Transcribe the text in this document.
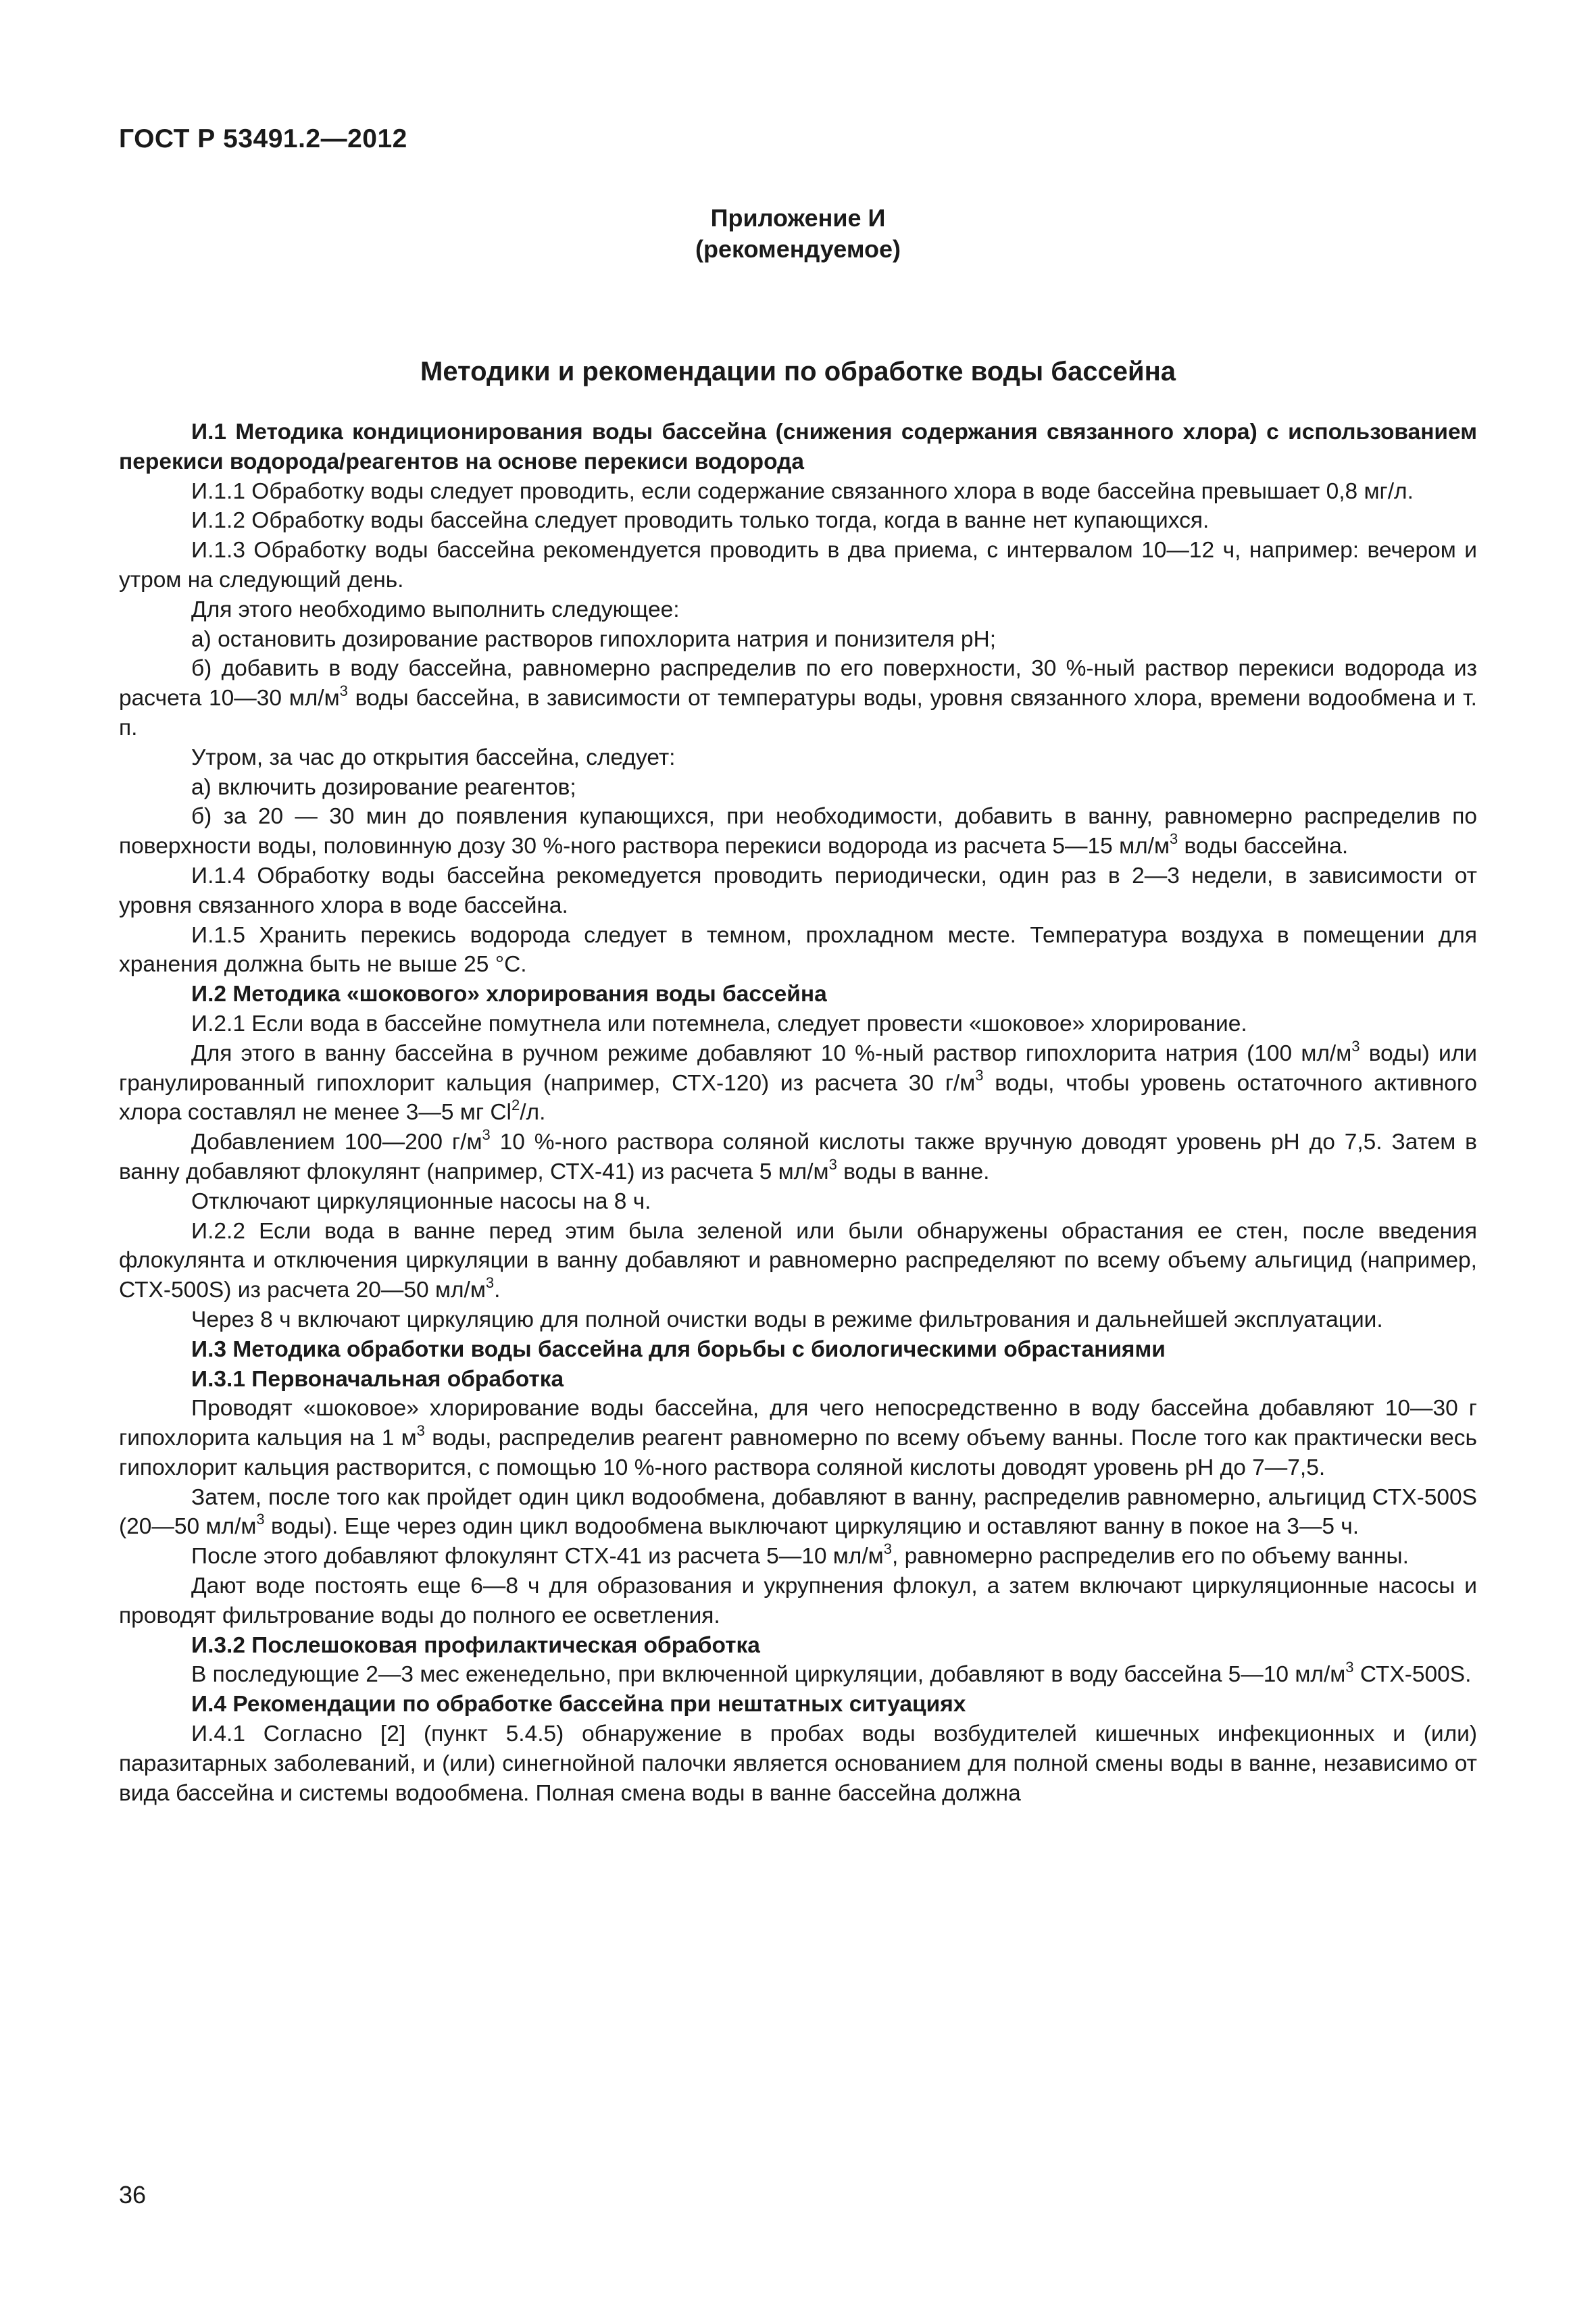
ГОСТ Р 53491.2—2012
Приложение И
(рекомендуемое)
Методики и рекомендации по обработке воды бассейна

И.1 Методика кондиционирования воды бассейна (снижения содержания связанного хлора) с использованием перекиси водорода/реагентов на основе перекиси водорода

И.1.1 Обработку воды следует проводить, если содержание связанного хлора в воде бассейна превышает 0,8 мг/л.

И.1.2 Обработку воды бассейна следует проводить только тогда, когда в ванне нет купающихся.

И.1.3 Обработку воды бассейна рекомендуется проводить в два приема, с интервалом 10—12 ч, например: вечером и утром на следующий день.

Для этого необходимо выполнить следующее:

а) остановить дозирование растворов гипохлорита натрия и понизителя pH;

б) добавить в воду бассейна, равномерно распределив по его поверхности, 30 %-ный раствор перекиси водорода из расчета 10—30 $мл/м^3$ воды бассейна, в зависимости от температуры воды, уровня связанного хлора, времени водообмена и т. п.

Утром, за час до открытия бассейна, следует:

а) включить дозирование реагентов;

б) за 20 — 30 мин до появления купающихся, при необходимости, добавить в ванну, равномерно распределив по поверхности воды, половинную дозу 30 %-ного раствора перекиси водорода из расчета 5—15 $мл/м^3$ воды бассейна.

И.1.4 Обработку воды бассейна рекомедуется проводить периодически, один раз в 2—3 недели, в зависимости от уровня связанного хлора в воде бассейна.

И.1.5 Хранить перекись водорода следует в темном, прохладном месте. Температура воздуха в помещении для хранения должна быть не выше 25 °С.

И.2 Методика «шокового» хлорирования воды бассейна

И.2.1 Если вода в бассейне помутнела или потемнела, следует провести «шоковое» хлорирование.

Для этого в ванну бассейна в ручном режиме добавляют 10 %-ный раствор гипохлорита натрия (100 $мл/м^3$ воды) или гранулированный гипохлорит кальция (например, СТХ-120) из расчета 30 $г/м^3$ воды, чтобы уровень остаточного активного хлора составлял не менее 3—5 мг Cl$^2$/л.

Добавлением 100—200 $г/м^3$ 10 %-ного раствора соляной кислоты также вручную доводят уровень pH до 7,5. Затем в ванну добавляют флокулянт (например, СТХ-41) из расчета 5 $мл/м^3$ воды в ванне.

Отключают циркуляционные насосы на 8 ч.

И.2.2 Если вода в ванне перед этим была зеленой или были обнаружены обрастания ее стен, после введения флокулянта и отключения циркуляции в ванну добавляют и равномерно распределяют по всему объему альгицид (например, СТХ-500S) из расчета 20—50 $мл/м^3$.

Через 8 ч включают циркуляцию для полной очистки воды в режиме фильтрования и дальнейшей эксплуатации.

И.3 Методика обработки воды бассейна для борьбы с биологическими обрастаниями

И.3.1 Первоначальная обработка

Проводят «шоковое» хлорирование воды бассейна, для чего непосредственно в воду бассейна добавляют 10—30 г гипохлорита кальция на 1 $м^3$ воды, распределив реагент равномерно по всему объему ванны. После того как практически весь гипохлорит кальция растворится, с помощью 10 %-ного раствора соляной кислоты доводят уровень pH до 7—7,5.

Затем, после того как пройдет один цикл водообмена, добавляют в ванну, распределив равномерно, альгицид СТХ-500S (20—50 $мл/м^3$ воды). Еще через один цикл водообмена выключают циркуляцию и оставляют ванну в покое на 3—5 ч.

После этого добавляют флокулянт СТХ-41 из расчета 5—10 $мл/м^3$, равномерно распределив его по объему ванны.

Дают воде постоять еще 6—8 ч для образования и укрупнения флокул, а затем включают циркуляционные насосы и проводят фильтрование воды до полного ее осветления.

И.3.2 Послешоковая профилактическая обработка

В последующие 2—3 мес еженедельно, при включенной циркуляции, добавляют в воду бассейна 5—10 $мл/м^3$ СТХ-500S.

И.4 Рекомендации по обработке бассейна при нештатных ситуациях

И.4.1 Согласно [2] (пункт 5.4.5) обнаружение в пробах воды возбудителей кишечных инфекционных и (или) паразитарных заболеваний, и (или) синегнойной палочки является основанием для полной смены воды в ванне, независимо от вида бассейна и системы водообмена. Полная смена воды в ванне бассейна должна

36
